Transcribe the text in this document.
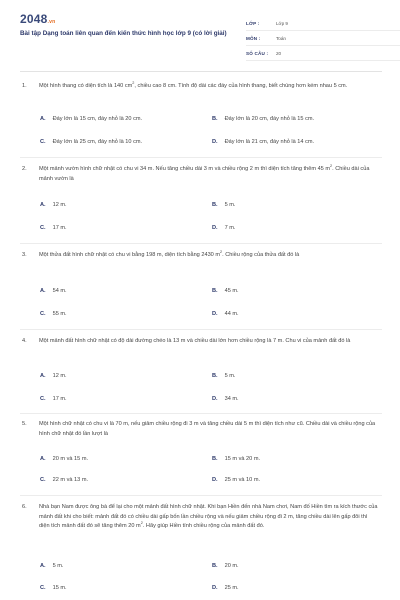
2048.vn
Bài tập Dạng toán liên quan đến kiến thức hình học lớp 9 (có lời giải)
LỚP :	Lớp 9
MÔN :	Toán
SỐ CÂU : 20
1. Một hình thang có diện tích là 140 $cm^2$, chiều cao 8 cm. Tính độ dài các đáy của hình thang, biết chúng hơn kém nhau 5 cm.
A. Đáy lớn là 15 cm, đáy nhỏ là 20 cm.	B. Đáy lớn là 20 cm, đáy nhỏ là 15 cm.
C. Đáy lớn là 25 cm, đáy nhỏ là 10 cm.	D. Đáy lớn là 21 cm, đáy nhỏ là 14 cm.
2. Một mảnh vườn hình chữ nhật có chu vi 34 m. Nếu tăng chiều dài 3 m và chiều rộng 2 m thì diện tích tăng thêm 45 $m^2$. Chiều dài của mảnh vườn là
A. 12 m.	B. 5 m.
C. 17 m.	D. 7 m.
3. Một thửa đất hình chữ nhật có chu vi bằng 198 m, diện tích bằng 2430 $m^2$. Chiều rộng của thửa đất đó là
A. 54 m.	B. 45 m.
C. 55 m.	D. 44 m.
4. Một mảnh đất hình chữ nhật có độ dài đường chéo là 13 m và chiều dài lớn hơn chiều rộng là 7 m. Chu vi của mảnh đất đó là
A. 12 m.	B. 5 m.
C. 17 m.	D. 34 m.
5. Một hình chữ nhật có chu vi là 70 m, nếu giảm chiều rộng đi 3 m và tăng chiều dài 5 m thì diện tích như cũ. Chiều dài và chiều rộng của hình chữ nhật đó lần lượt là
A. 20 m và 15 m.	B. 15 m và 20 m.
C. 22 m và 13 m.	D. 25 m và 10 m.
6. Nhà bạn Nam được ông bà để lại cho một mảnh đất hình chữ nhật. Khi bạn Hiền đến nhà Nam chơi, Nam đố Hiền tìm ra kích thước của mảnh đất khi cho biết: mảnh đất đó có chiều dài gấp bốn lần chiều rộng và nếu giảm chiều rộng đi 2 m, tăng chiều dài lên gấp đôi thì diện tích mảnh đất đó sẽ tăng thêm 20 $m^2$. Hãy giúp Hiền tính chiều rộng của mảnh đất đó.
A. 5 m.	B. 20 m.
C. 15 m.	D. 25 m.
